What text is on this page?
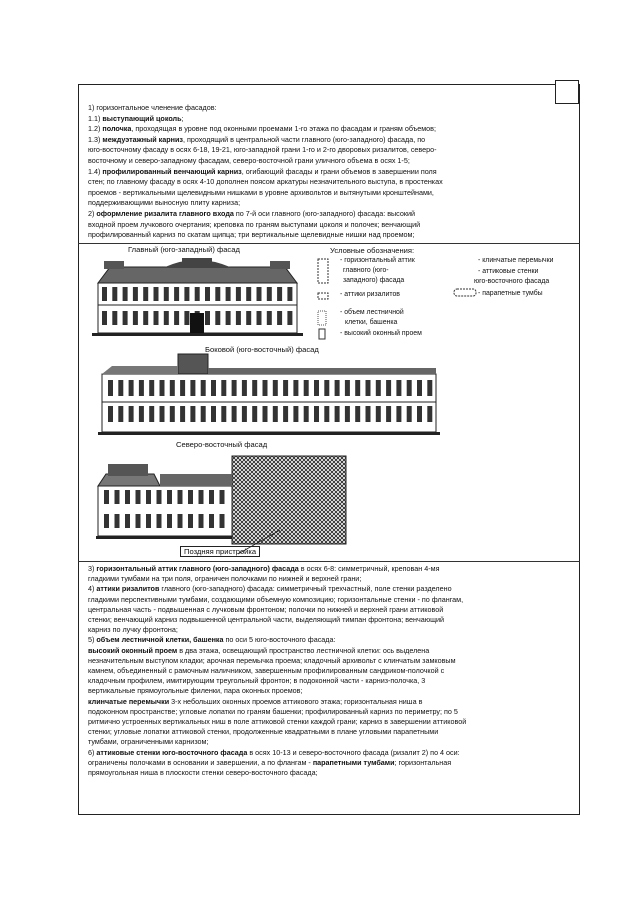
1) горизонтальное членение фасадов:
1.1) выступающий цоколь;
1.2) полочка, проходящая в уровне под оконными проемами 1-го этажа по фасадам и граням объемов;
1.3) междуэтажный карниз, проходящий в центральной части главного (юго-западного) фасада, по
юго-восточному фасаду в осях 6-18, 19-21, юго-западной грани 1-го и 2-го дворовых ризалитов, северо-
восточному и северо-западному фасадам, северо-восточной грани уличного объема в осях 1-5;
1.4) профилированный венчающий карниз, огибающий фасады и грани объемов в завершении поля
стен; по главному фасаду в осях 4-10 дополнен поясом аркатуры незначительного выступа, в простенках
проемов - вертикальными щелевидными нишками в уровне архивольтов и вытянутыми кронштейнами,
поддерживающими выносную плиту карниза;
2) оформление ризалита главного входа по 7-й оси главного (юго-западного) фасада: высокий
входной проем лучкового очертания; креповка по граням выступами цоколя и полочек; венчающий
профилированный карниз по скатам щипца; три вертикальные щелевидные нишки над проемом;
Главный (юго-западный) фасад	Условные обозначения:
- горизонтальный аттик
главного (юго-
западного) фасада
- аттики ризалитов
- объем лестничной
клетки, башенка
- высокий оконный проем
- клинчатые перемычки
- аттиковые стенки
юго-восточного фасада
- парапетные тумбы
Боковой (юго-восточный) фасад
Северо-восточный фасад
Поздняя пристройка
3) горизонтальный аттик главного (юго-западного) фасада в осях 6-8: симметричный, крепован 4-мя
гладкими тумбами на три поля, ограничен полочками по нижней и верхней грани;
4) аттики ризалитов главного (юго-западного) фасада: симметричный трехчастный, поле стенки разделено
гладкими перспективными тумбами, создающими объемную композицию; горизонтальные стенки - по флангам,
центральная часть - подвышенная с лучковым фронтоном; полочки по нижней и верхней грани аттиковой
стенки; венчающий карниз подвышенной центральной части, выделяющий тимпан фронтона; венчающий
карниз по лучку фронтона;
5) объем лестничной клетки, башенка по оси 5 юго-восточного фасада:
высокий оконный проем в два этажа, освещающий пространство лестничной клетки: ось выделена
незначительным выступом кладки; арочная перемычка проема; кладочный архивольт с клинчатым замковым
камнем, объединенный с рамочным наличником, завершенным профилированным сандриком-полочкой с
кладочным профилем, имитирующим треугольный фронтон; в подоконной части - карниз-полочка, 3
вертикальные прямоугольные филенки, пара оконных проемов;
клинчатые перемычки 3-х небольших оконных проемов аттикового этажа; горизонтальная ниша в
подоконном пространстве; угловые лопатки по граням башенки; профилированный карниз по периметру; по 5
ритмично устроенных вертикальных ниш в поле аттиковой стенки каждой грани; карниз в завершении аттиковой
стенки; угловые лопатки аттиковой стенки, продолженные квадратными в плане угловыми парапетными
тумбами, ограниченными карнизом;
6) аттиковые стенки юго-восточного фасада в осях 10-13 и северо-восточного фасада (ризалит 2) по 4 оси:
ограничены полочками в основании и завершении, а по флангам - парапетными тумбами; горизонтальная
прямоугольная ниша в плоскости стенки северо-восточного фасада;
